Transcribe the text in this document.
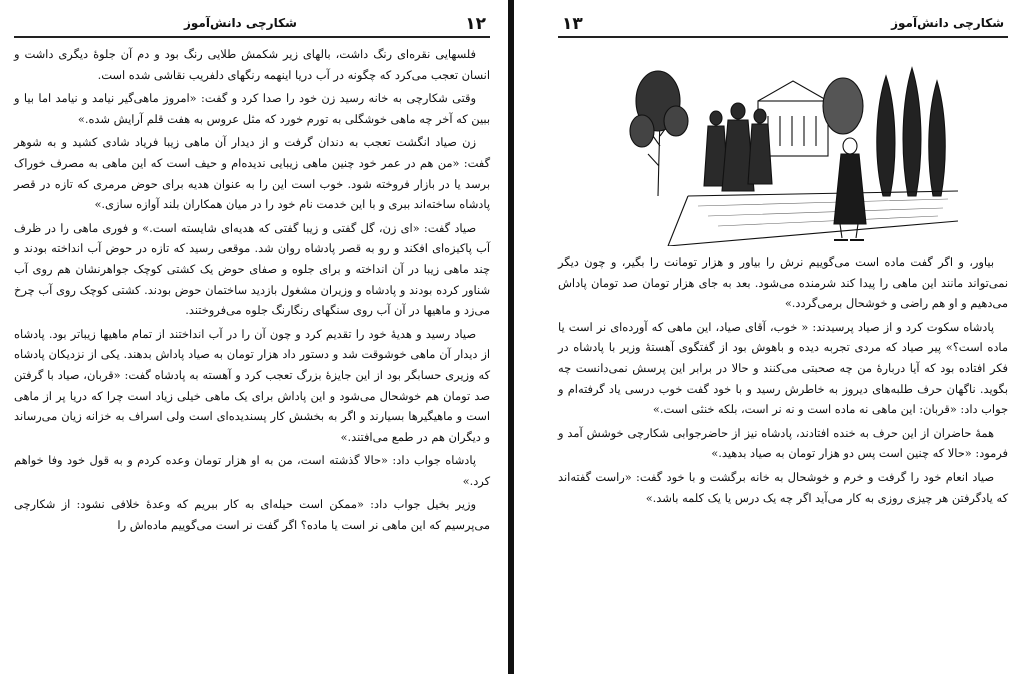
شکارچی دانش‌آموز	۱۲

فلسهایی نقره‌ای رنگ داشت، بالهای زیر شکمش طلایی رنگ بود و دم آن جلوهٔ دیگری داشت و انسان تعجب می‌کرد که چگونه در آب دریا اینهمه رنگهای دلفریب نقاشی شده است.

وقتی شکارچی به خانه رسید زن خود را صدا کرد و گفت: «امروز ماهی‌گیر نیامد و نیامد اما بیا و ببین که آخر چه ماهی خوشگلی به تورم خورد که مثل عروس به هفت قلم آرایش شده.»

زن صیاد انگشت تعجب به دندان گرفت و از دیدار آن ماهی زیبا فریاد شادی کشید و به شوهر گفت: «من هم در عمر خود چنین ماهی زیبایی ندیده‌ام و حیف است که این ماهی به مصرف خوراک برسد یا در بازار فروخته شود. خوب است این را به عنوان هدیه برای حوض مرمری که تازه در قصر پادشاه ساخته‌اند ببری و با این خدمت نام خود را در میان همکاران بلند آوازه سازی.»

صیاد گفت: «ای زن، گل گفتی و زیبا گفتی که هدیه‌ای شایسته است.» و فوری ماهی را در ظرف آب پاکیزه‌ای افکند و رو به قصر پادشاه روان شد. موقعی رسید که تازه در حوض آب انداخته بودند و چند ماهی زیبا در آن انداخته و برای جلوه و صفای حوض یک کشتی کوچک جواهرنشان هم روی آب شناور کرده بودند و پادشاه و وزیران مشغول بازدید ساختمان حوض بودند. کشتی کوچک روی آب چرخ می‌زد و ماهیها در آن آب روی سنگهای رنگارنگ جلوه می‌فروختند.

صیاد رسید و هدیهٔ خود را تقدیم کرد و چون آن را در آب انداختند از تمام ماهیها زیباتر بود. پادشاه از دیدار آن ماهی خوشوقت شد و دستور داد هزار تومان به صیاد پاداش بدهند. یکی از نزدیکان پادشاه که وزیری حسابگر بود از این جایزهٔ بزرگ تعجب کرد و آهسته به پادشاه گفت: «قربان، صیاد با گرفتن صد تومان هم خوشحال می‌شود و این پاداش برای یک ماهی خیلی زیاد است چرا که دریا پر از ماهی است و ماهیگیرها بسیارند و اگر به بخشش کار پسندیده‌ای است ولی اسراف به خزانه زیان می‌رساند و دیگران هم در طمع می‌افتند.»

پادشاه جواب داد: «حالا گذشته است، من به او هزار تومان وعده کردم و به قول خود وفا خواهم کرد.»

وزیر بخیل جواب داد: «ممکن است حیله‌ای به کار ببریم که وعدهٔ خلافی نشود: از شکارچی می‌پرسیم که این ماهی نر است یا ماده؟ اگر گفت نر است می‌گوییم ماده‌اش را

۱۳	شکارچی دانش‌آموز

بیاور، و اگر گفت ماده است می‌گوییم نرش را بیاور و هزار تومانت را بگیر، و چون دیگر نمی‌تواند مانند این ماهی را پیدا کند شرمنده می‌شود. بعد به جای هزار تومان صد تومان پاداش می‌دهیم و او هم راضی و خوشحال برمی‌گردد.»

پادشاه سکوت کرد و از صیاد پرسیدند: « خوب، آقای صیاد، این ماهی که آورده‌ای نر است یا ماده است؟» پیر صیاد که مردی تجربه دیده و باهوش بود از گفتگوی آهستهٔ وزیر با پادشاه در فکر افتاده بود که آیا دربارهٔ من چه صحبتی می‌کنند و حالا در برابر این پرسش نمی‌دانست چه بگوید. ناگهان حرف طلبه‌های دیروز به خاطرش رسید و با خود گفت خوب درسی یاد گرفته‌ام و جواب داد: «قربان: این ماهی نه ماده است و نه نر است، بلکه خنثی است.»

همهٔ حاضران از این حرف به خنده افتادند، پادشاه نیز از حاضرجوابی شکارچی خوشش آمد و فرمود: «حالا که چنین است پس دو هزار تومان به صیاد بدهید.»

صیاد انعام خود را گرفت و خرم و خوشحال به خانه برگشت و با خود گفت: «راست گفته‌اند که یادگرفتن هر چیزی روزی به کار می‌آید اگر چه یک درس یا یک کلمه باشد.»
